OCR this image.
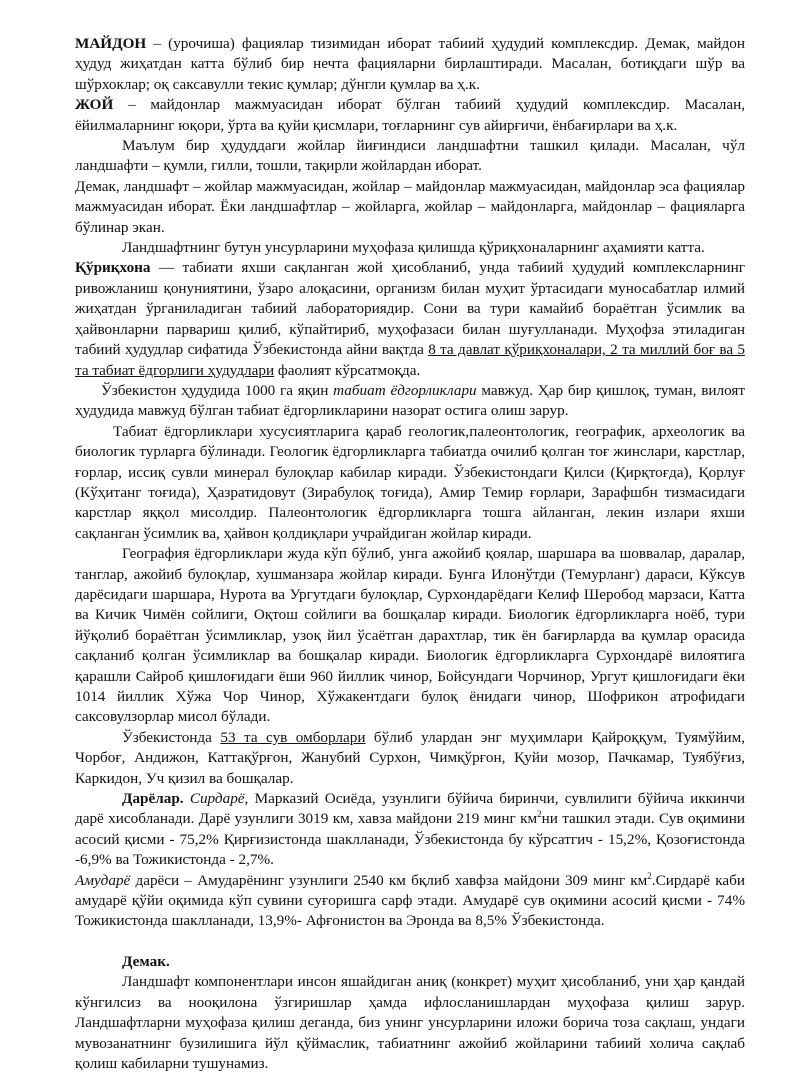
МАЙДОН – (урочиша) фациялар тизимидан иборат табиий ҳудудий комплексдир. Демак, майдон ҳудуд жиҳатдан катта бўлиб бир нечта фацияларни бирлаштиради. Масалан, ботиқдаги шўр ва шўрхоклар; оқ саксавулли текис қумлар; дўнгли қумлар ва ҳ.к.

ЖОЙ – майдонлар мажмуасидан иборат бўлган табиий ҳудудий комплексдир. Масалан, ёйилмаларнинг юқори, ўрта ва қуйи қисмлари, тоғларнинг сув айирғичи, ёнбағирлари ва ҳ.к.

Маълум бир ҳудуддаги жойлар йиғиндиси ландшафтни ташкил қилади. Масалан, чўл ландшафти – қумли, гилли, тошли, тақирли жойлардан иборат.

Демак, ландшафт – жойлар мажмуасидан, жойлар – майдонлар мажмуасидан, майдонлар эса фациялар мажмуасидан иборат. Ёки ландшафтлар – жойларга, жойлар – майдонларга, майдонлар – фацияларга бўлинар экан.

Ландшафтнинг бутун унсурларини муҳофаза қилишда қўриқхоналарнинг аҳамияти катта.

Қўриқхона — табиати яхши сақланган жой ҳисобланиб, унда табиий ҳудудий комплексларнинг ривожланиш қонуниятини, ўзаро алоқасини, организм билан муҳит ўртасидаги муносабатлар илмий жиҳатдан ўрганиладиган табиий лабораториядир. Сони ва тури камайиб бораётган ўсимлик ва ҳайвонларни парвариш қилиб, кўпайтириб, муҳофазаси билан шуғулланади. Муҳофза этиладиган табиий ҳудудлар сифатида Ўзбекистонда айни вақтда 8 та давлат қўриқхоналари, 2 та миллий боғ ва 5 та табиат ёдгорлиги ҳудудлари фаолият кўрсатмоқда.

Ўзбекистон ҳудудида 1000 га яқин табиат ёдгорликлари мавжуд. Ҳар бир қишлоқ, туман, вилоят ҳудудида мавжуд бўлган табиат ёдгорликларини назорат остига олиш зарур.

Табиат ёдгорликлари хусусиятларига қараб геологик,палеонтологик, географик, археологик ва биологик турларга бўлинади. Геологик ёдгорликларга табиатда очилиб қолган тоғ жинслари, карстлар, ғорлар, иссиқ сувли минерал булоқлар кабилар киради. Ўзбекистондаги Қилси (Қирқтоғда), Қорлуғ (Кўҳитанг тоғида), Ҳазратидовут (Зирабулоқ тоғида), Амир Темир ғорлари, Зарафшбн тизмасидаги карстлар яққол мисолдир. Палеонтологик ёдгорликларга тошга айланган, лекин излари яхши сақланган ўсимлик ва, ҳайвон қолдиқлари учрайдиган жойлар киради.

География ёдгорликлари жуда кўп бўлиб, унга ажойиб қоялар, шаршара ва шоввалар, даралар, танглар, ажойиб булоқлар, хушманзара жойлар киради. Бунга Илонўтди (Темурланг) дараси, Кўксув дарёсидаги шаршара, Нурота ва Ургутдаги булоқлар, Сурхондарёдаги Келиф Шеробод марзаси, Катта ва Кичик Чимён сойлиги, Оқтош сойлиги ва бошқалар киради. Биологик ёдгорликларга ноёб, тури йўқолиб бораётган ўсимликлар, узоқ йил ўсаётган дарахтлар, тик ён бағирларда ва қумлар орасида сақланиб қолган ўсимликлар ва бошқалар киради. Биологик ёдгорликларга Сурхондарё вилоятига қарашли Сайроб қишлоғидаги ёши 960 йиллик чинор, Бойсундаги Чорчинор, Ургут қишлоғидаги ёки 1014 йиллик Хўжа Чор Чинор, Хўжакентдаги булоқ ёнидаги чинор, Шофрикон атрофидаги саксовулзорлар мисол бўлади.

Ўзбекистонда 53 та сув омборлари бўлиб улардан энг муҳимлари Қайроққум, Туямўйим, Чорбоғ, Андижон, Каттақўрғон, Жанубий Сурхон, Чимқўрғон, Қуйи мозор, Пачкамар, Туябўғиз, Каркидон, Уч қизил ва бошқалар.

Дарёлар. Сирдарё, Марказий Осиёда, узунлиги бўйича биринчи, сувлилиги бўйича иккинчи дарё хисобланади. Дарё узунлиги 3019 км, хавза майдони 219 минг $км^2ни$ ташкил этади. Сув оқимини асосий қисми - 75,2% Қирғизистонда шаклланади, Ўзбекистонда бу кўрсатгич - 15,2%, Қозоғистонда -6,9% ва Тожикистонда - 2,7%.

Амударё дарёси – Амударёнинг узунлиги 2540 км бқлиб хавфза майдони 309 минг $км^2.Сирдарё$ каби амударё қўйи оқимида кўп сувини суғоришга сарф этади. Амударё сув оқимини асосий қисми - 74% Тожикистонда шаклланади, 13,9%- Афғонистон ва Эронда ва 8,5% Ўзбекистонда.

Демак.

Ландшафт компонентлари инсон яшайдиган аниқ (конкрет) муҳит ҳисобланиб, уни ҳар қандай кўнгилсиз ва нооқилона ўзгиришлар ҳамда ифлосланишлардан муҳофаза қилиш зарур. Ландшафтларни муҳофаза қилиш деганда, биз унинг унсурларини иложи борича тоза сақлаш, ундаги мувозанатнинг бузилишига йўл қўймаслик, табиатнинг ажойиб жойларини табиий холича сақлаб қолиш кабиларни тушунамиз.
